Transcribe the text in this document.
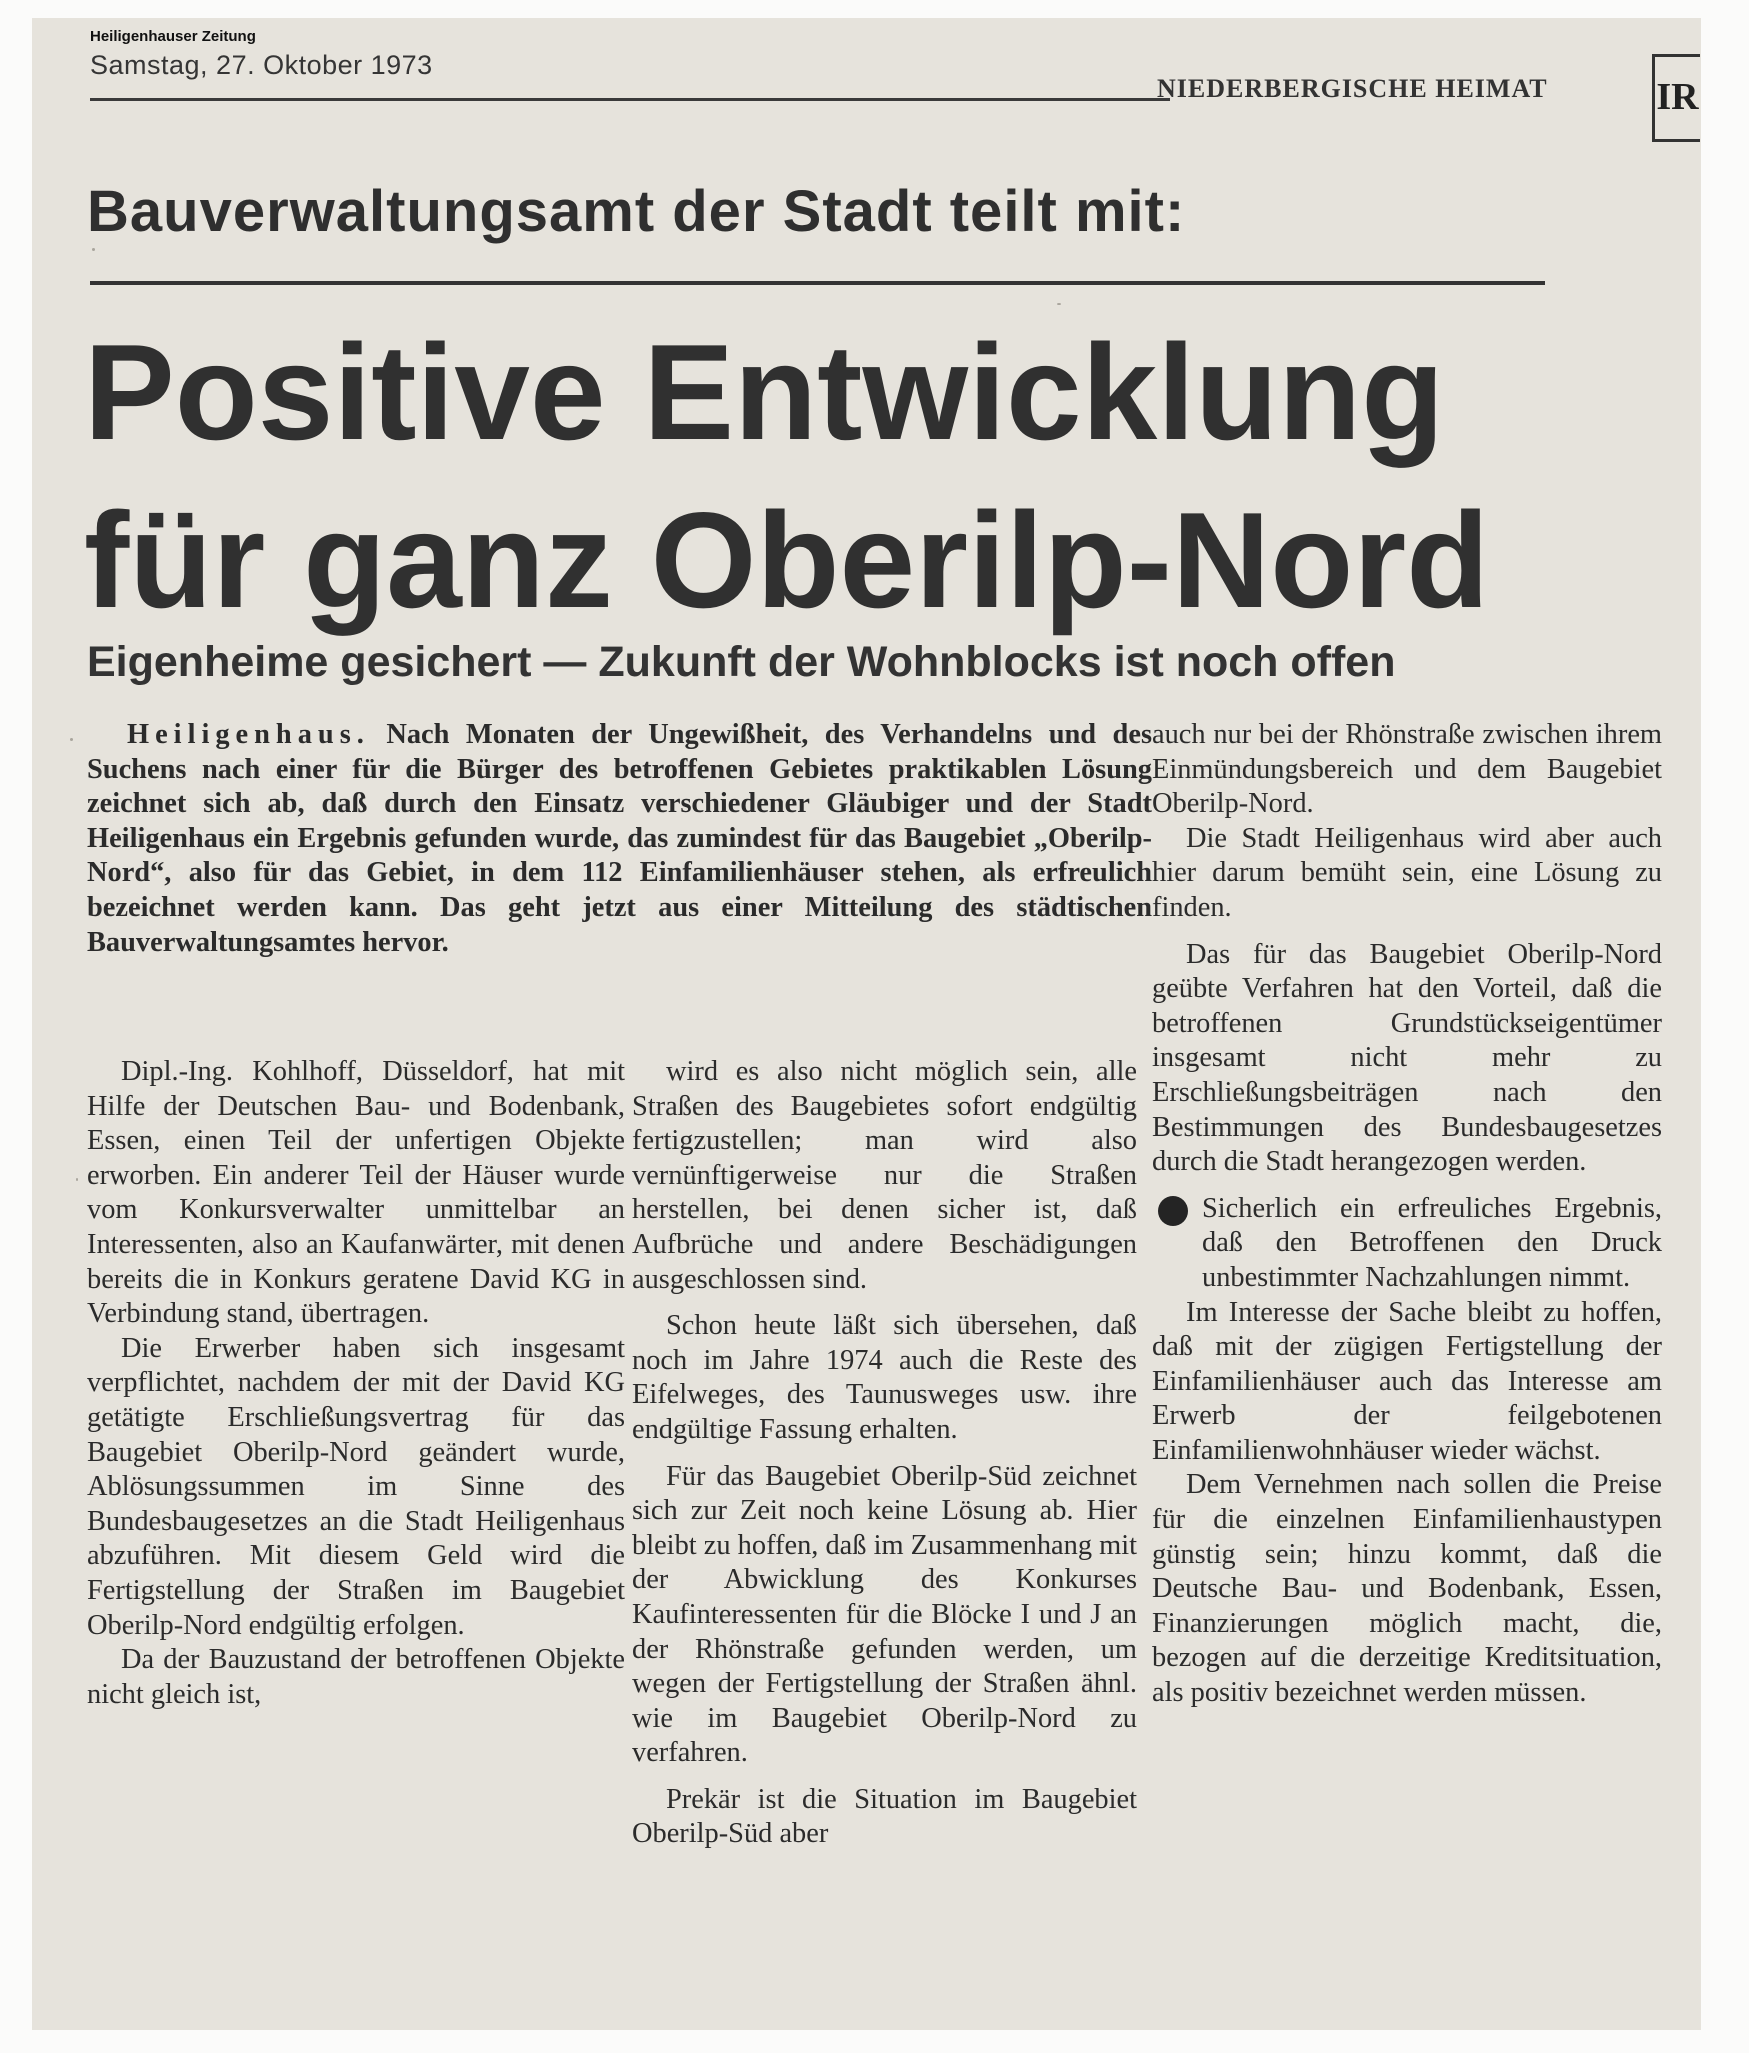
Heiligenhauser Zeitung
Samstag, 27. Oktober 1973
NIEDERBERGISCHE HEIMAT	IR
Bauverwaltungsamt der Stadt teilt mit:
Positive Entwicklung
für ganz Oberilp-Nord
Eigenheime gesichert — Zukunft der Wohnblocks ist noch offen

Heiligenhaus. Nach Monaten der Ungewißheit, des Verhandelns und des Suchens nach einer für die Bürger des betroffenen Gebietes praktikablen Lösung zeichnet sich ab, daß durch den Einsatz verschiedener Gläubiger und der Stadt Heiligenhaus ein Ergebnis gefunden wurde, das zumindest für das Baugebiet „Oberilp-Nord“, also für das Gebiet, in dem 112 Einfamilienhäuser stehen, als erfreulich bezeichnet werden kann. Das geht jetzt aus einer Mitteilung des städtischen Bauverwaltungsamtes hervor.

Dipl.-Ing. Kohlhoff, Düsseldorf, hat mit Hilfe der Deutschen Bau- und Bodenbank, Essen, einen Teil der unfertigen Objekte erworben. Ein anderer Teil der Häuser wurde vom Konkursverwalter unmittelbar an Interessenten, also an Kaufanwärter, mit denen bereits die in Konkurs geratene David KG in Verbindung stand, übertragen.

Die Erwerber haben sich insgesamt verpflichtet, nachdem der mit der David KG getätigte Erschließungsvertrag für das Baugebiet Oberilp-Nord geändert wurde, Ablösungssummen im Sinne des Bundesbaugesetzes an die Stadt Heiligenhaus abzuführen. Mit diesem Geld wird die Fertigstellung der Straßen im Baugebiet Oberilp-Nord endgültig erfolgen.

Da der Bauzustand der betroffenen Objekte nicht gleich ist,

wird es also nicht möglich sein, alle Straßen des Baugebietes sofort endgültig fertigzustellen; man wird also vernünftigerweise nur die Straßen herstellen, bei denen sicher ist, daß Aufbrüche und andere Beschädigungen ausgeschlossen sind.

Schon heute läßt sich übersehen, daß noch im Jahre 1974 auch die Reste des Eifelweges, des Taunusweges usw. ihre endgültige Fassung erhalten.

Für das Baugebiet Oberilp-Süd zeichnet sich zur Zeit noch keine Lösung ab. Hier bleibt zu hoffen, daß im Zusammenhang mit der Abwicklung des Konkurses Kaufinteressenten für die Blöcke I und J an der Rhönstraße gefunden werden, um wegen der Fertigstellung der Straßen ähnl. wie im Baugebiet Oberilp-Nord zu verfahren.

Prekär ist die Situation im Baugebiet Oberilp-Süd aber

auch nur bei der Rhönstraße zwischen ihrem Einmündungsbereich und dem Baugebiet Oberilp-Nord.

Die Stadt Heiligenhaus wird aber auch hier darum bemüht sein, eine Lösung zu finden.

Das für das Baugebiet Oberilp-Nord geübte Verfahren hat den Vorteil, daß die betroffenen Grundstückseigentümer insgesamt nicht mehr zu Erschließungsbeiträgen nach den Bestimmungen des Bundesbaugesetzes durch die Stadt herangezogen werden.

Sicherlich ein erfreuliches Ergebnis, daß den Betroffenen den Druck unbestimmter Nachzahlungen nimmt.

Im Interesse der Sache bleibt zu hoffen, daß mit der zügigen Fertigstellung der Einfamilienhäuser auch das Interesse am Erwerb der feilgebotenen Einfamilienwohnhäuser wieder wächst.

Dem Vernehmen nach sollen die Preise für die einzelnen Einfamilienhaustypen günstig sein; hinzu kommt, daß die Deutsche Bau- und Bodenbank, Essen, Finanzierungen möglich macht, die, bezogen auf die derzeitige Kreditsituation, als positiv bezeichnet werden müssen.
